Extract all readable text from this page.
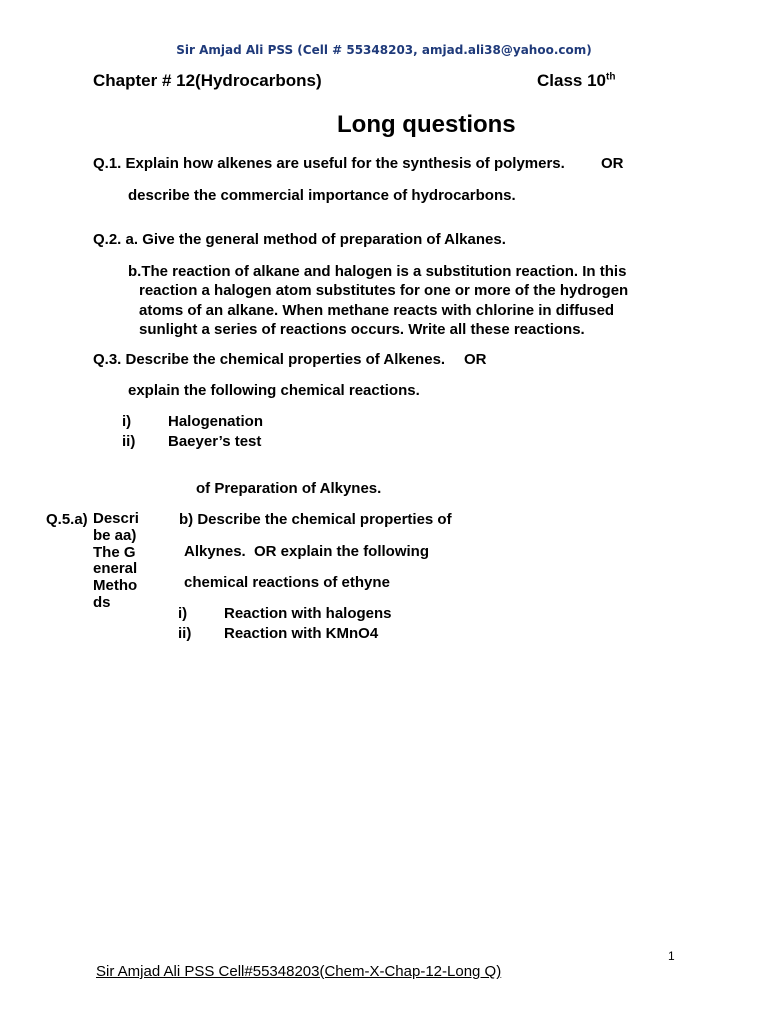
Sir Amjad Ali PSS (Cell # 55348203, amjad.ali38@yahoo.com)
Chapter # 12(Hydrocarbons)	Class 10th
Long questions
Q.1. Explain how alkenes are useful for the synthesis of polymers. OR
describe the commercial importance of hydrocarbons.
Q.2. a. Give the general method of preparation of Alkanes.
b.The reaction of alkane and halogen is a substitution reaction. In this reaction a halogen atom substitutes for one or more of the hydrogen atoms of an alkane. When methane reacts with chlorine in diffused sunlight a series of reactions occurs. Write all these reactions.
Q.3. Describe the chemical properties of Alkenes. OR
explain the following chemical reactions.
i) Halogenation
ii) Baeyer’s test
of Preparation of Alkynes.
Q.5.a) Describe aa)The General Methods
b) Describe the chemical properties of
Alkynes. OR explain the following
chemical reactions of ethyne
i) Reaction with halogens
ii) Reaction with KMnO4
1
Sir Amjad Ali PSS Cell#55348203(Chem-X-Chap-12-Long Q)
